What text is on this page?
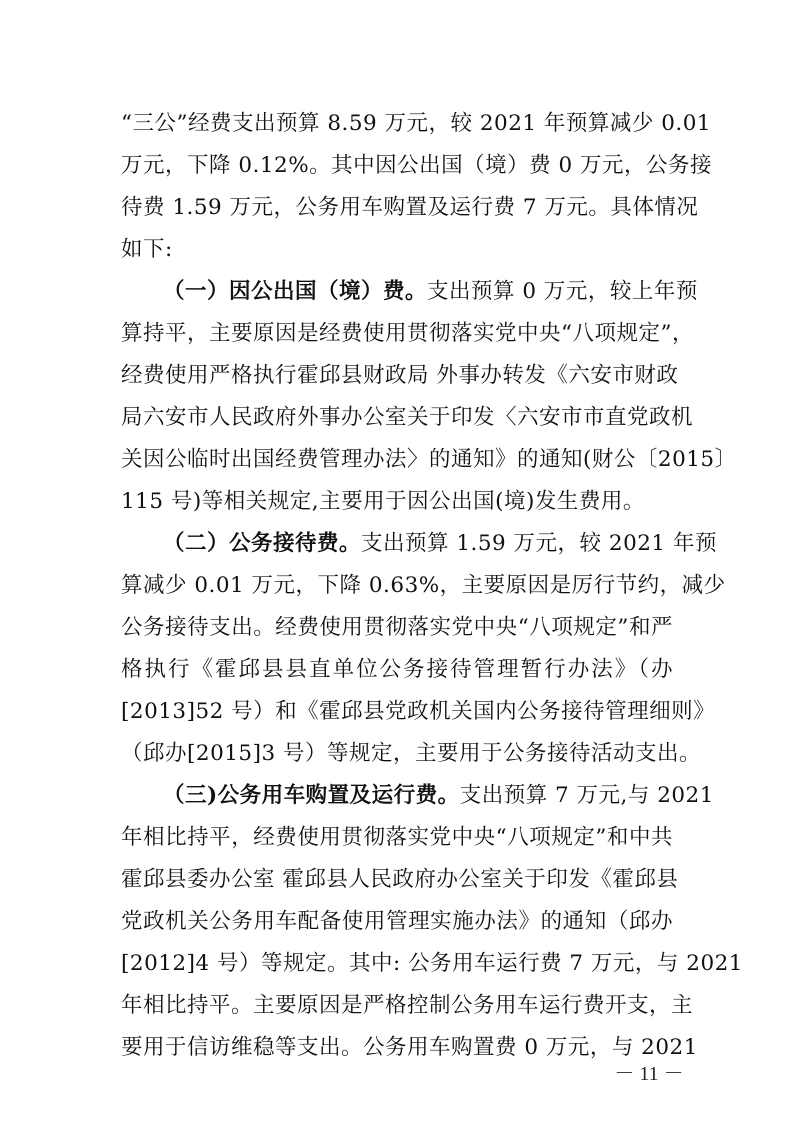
“三公”经费支出预算 8.59 万元，较 2021 年预算减少 0.01
万元，下降 0.12%。其中因公出国（境）费 0 万元，公务接
待费 1.59 万元，公务用车购置及运行费 7 万元。具体情况
如下:
（一）因公出国（境）费。支出预算 0 万元，较上年预
算持平，主要原因是经费使用贯彻落实党中央“八项规定”，
经费使用严格执行霍邱县财政局 外事办转发《六安市财政
局六安市人民政府外事办公室关于印发〈六安市市直党政机
关因公临时出国经费管理办法〉的通知》的通知(财公〔2015〕
115 号)等相关规定,主要用于因公出国(境)发生费用。
（二）公务接待费。支出预算 1.59 万元，较 2021 年预
算减少 0.01 万元，下降 0.63%，主要原因是厉行节约，减少
公务接待支出。经费使用贯彻落实党中央“八项规定”和严
格执行《霍邱县县直单位公务接待管理暂行办法》（办
[2013]52 号）和《霍邱县党政机关国内公务接待管理细则》
（邱办[2015]3 号）等规定，主要用于公务接待活动支出。
（三)公务用车购置及运行费。支出预算 7 万元,与 2021
年相比持平，经费使用贯彻落实党中央“八项规定”和中共
霍邱县委办公室 霍邱县人民政府办公室关于印发《霍邱县
党政机关公务用车配备使用管理实施办法》的通知（邱办
[2012]4 号）等规定。其中: 公务用车运行费 7 万元，与 2021
年相比持平。主要原因是严格控制公务用车运行费开支，主
要用于信访维稳等支出。公务用车购置费 0 万元，与 2021
－ 11 －
